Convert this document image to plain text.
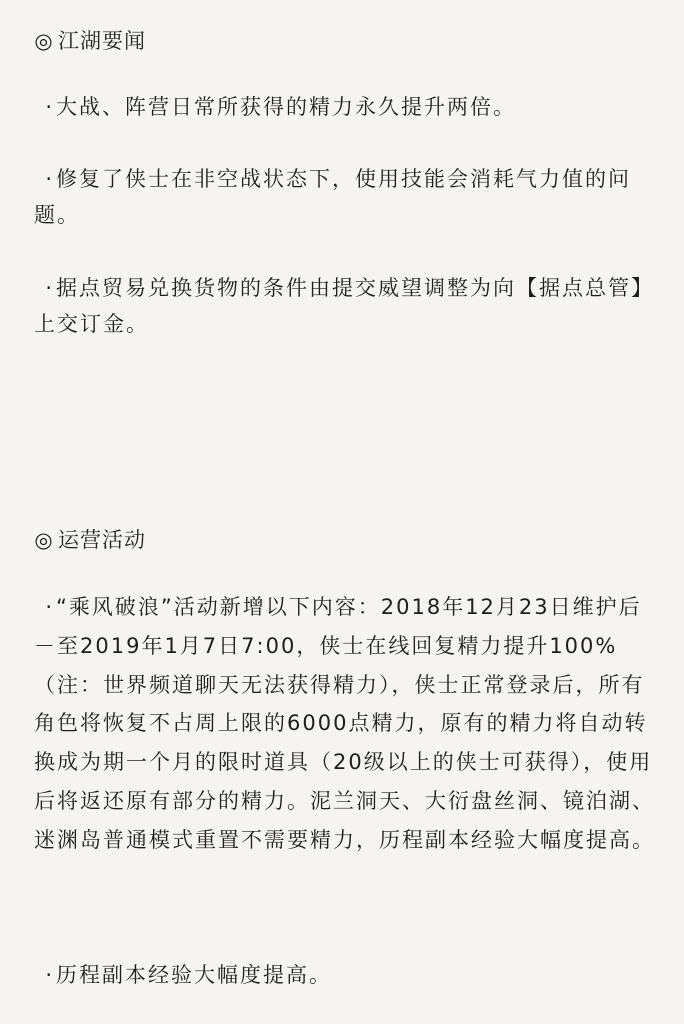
◎ 江湖要闻
·大战、阵营日常所获得的精力永久提升两倍。
·修复了侠士在非空战状态下，使用技能会消耗气力值的问题。
·据点贸易兑换货物的条件由提交威望调整为向【据点总管】上交订金。
◎ 运营活动
·“乘风破浪”活动新增以下内容：2018年12月23日维护后－至2019年1月7日7:00，侠士在线回复精力提升100%（注：世界频道聊天无法获得精力），侠士正常登录后，所有角色将恢复不占周上限的6000点精力，原有的精力将自动转换成为期一个月的限时道具（20级以上的侠士可获得），使用后将返还原有部分的精力。泥兰洞天、大衍盘丝洞、镜泊湖、迷渊岛普通模式重置不需要精力，历程副本经验大幅度提高。
·历程副本经验大幅度提高。
